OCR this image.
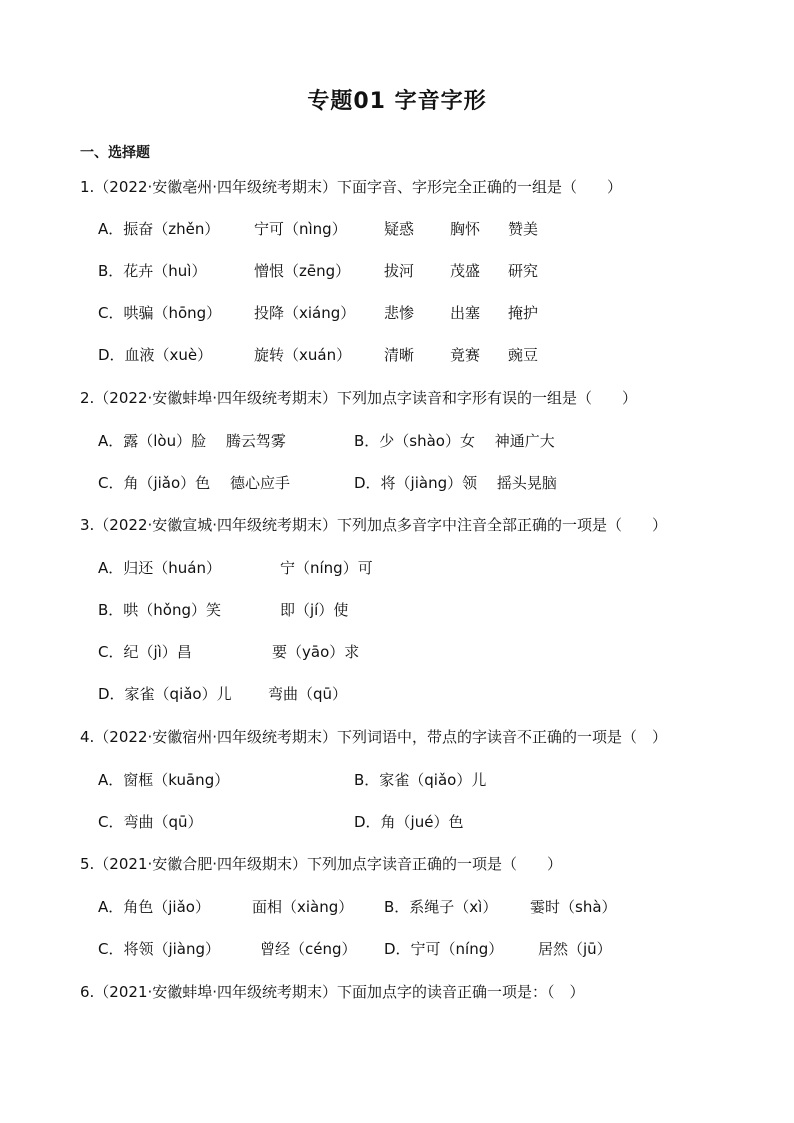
专题01 字音字形
一、选择题
1.（2022·安徽亳州·四年级统考期末）下面字音、字形完全正确的一组是（　　）
A．振奋（zhěn） 宁可（nìng） 疑惑 胸怀 赞美
B．花卉（huì）	憎恨（zēng） 拔河 茂盛 研究
C．哄骗（hōng） 投降（xiáng） 悲惨 出塞 掩护
D．血液（xuè）	旋转（xuán） 清晰 竟赛 豌豆
2.（2022·安徽蚌埠·四年级统考期末）下列加点字读音和字形有误的一组是（　　）
A．露（lòu）脸　 腾云驾雾	B．少（shào）女　 神通广大
C．角（jiǎo）色　 德心应手	D．将（jiàng）领　 摇头晃脑
3.（2022·安徽宣城·四年级统考期末）下列加点多音字中注音全部正确的一项是（　　）
A．归还（huán）	宁（níng）可
B．哄（hǒng）笑	即（jí）使
C．纪（jì）昌	要（yāo）求
D．家雀（qiǎo）儿 弯曲（qū）
4.（2022·安徽宿州·四年级统考期末）下列词语中，带点的字读音不正确的一项是（　）
A．窗框（kuāng）	B．家雀（qiǎo）儿
C．弯曲（qū）	D．角（jué）色
5.（2021·安徽合肥·四年级期末）下列加点字读音正确的一项是（　　）
A．角色（jiǎo）	面相（xiàng） B．系绳子（xì） 霎时（shà）
C．将领（jiàng）	曾经（céng） D．宁可（níng） 居然（jū）
6.（2021·安徽蚌埠·四年级统考期末）下面加点字的读音正确一项是：（　）
